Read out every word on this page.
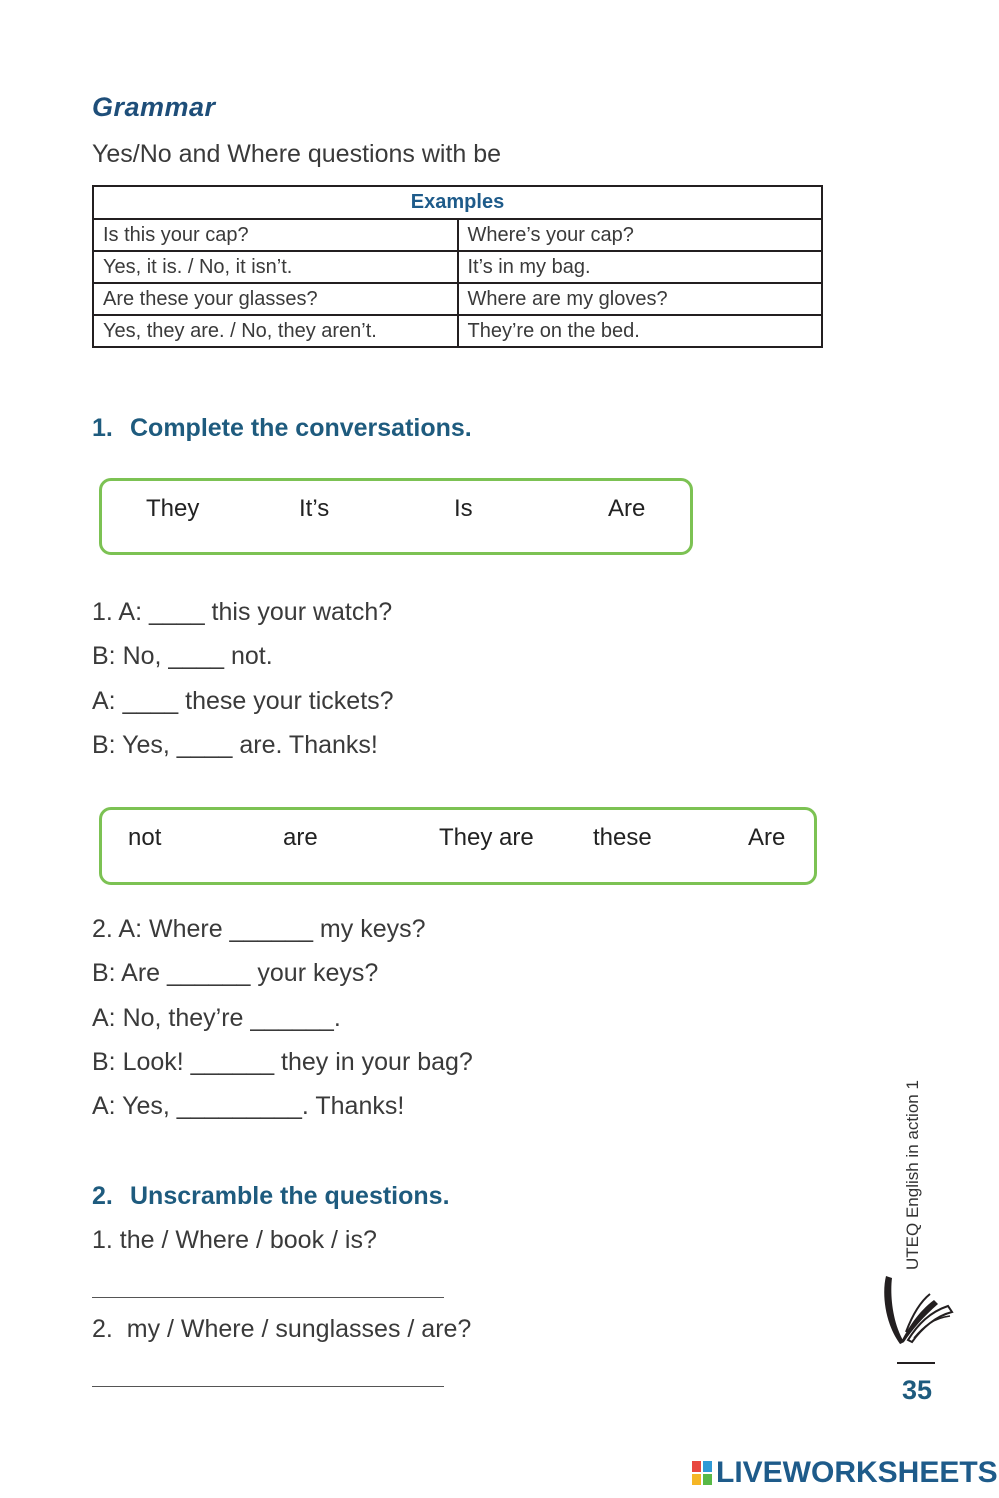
Grammar
Yes/No and Where questions with be
Examples	
Is this your cap?	Where’s your cap?
Yes, it is. / No, it isn’t.	It’s in my bag.
Are these your glasses?	Where are my gloves?
Yes, they are. / No, they aren’t.	They’re on the bed.
1. Complete the conversations.
They	It’s	Is	Are
1. A: ____ this your watch?
B: No, ____ not.
A: ____ these your tickets?
B: Yes, ____ are. Thanks!
not	are	They are these	Are
2. A: Where ______ my keys?
B: Are ______ your keys?
A: No, they’re ______.
B: Look! ______ they in your bag?
A: Yes, _________. Thanks!
2. Unscramble the questions.
1. the / Where / book / is?
2.  my / Where / sunglasses / are?
UTEQ English in action 1
35
LIVEWORKSHEETS
